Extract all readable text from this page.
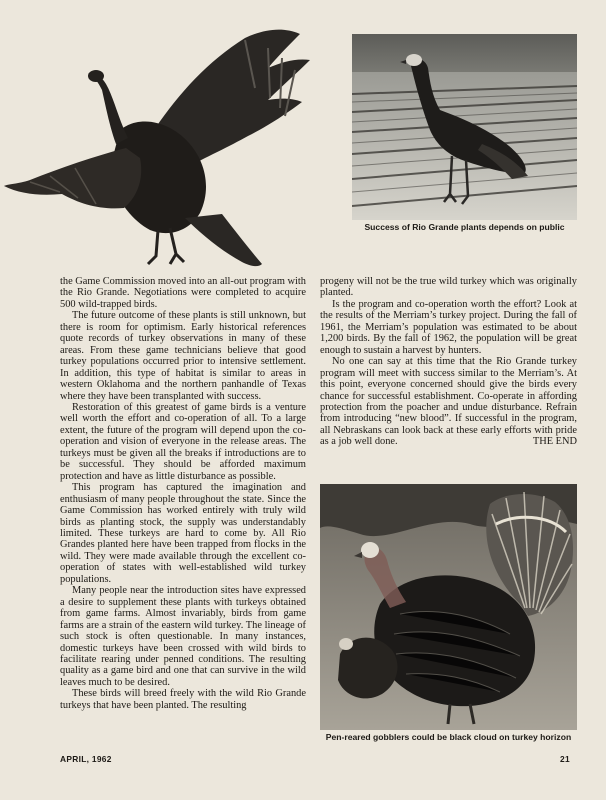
Success of Rio Grande plants depends on public

the Game Commission moved into an all-out program with the Rio Grande. Negotiations were completed to acquire 500 wild-trapped birds.

The future outcome of these plants is still unknown, but there is room for optimism. Early historical references quote records of turkey observations in many of these areas. From these game technicians believe that good turkey populations occurred prior to intensive settlement. In addition, this type of habitat is similar to areas in western Oklahoma and the northern panhandle of Texas where they have been transplanted with success.

Restoration of this greatest of game birds is a venture well worth the effort and co-operation of all. To a large extent, the future of the program will depend upon the co-operation and vision of everyone in the release areas. The turkeys must be given all the breaks if introductions are to be successful. They should be afforded maximum protection and have as little disturbance as possible.

This program has captured the imagination and enthusiasm of many people throughout the state. Since the Game Commission has worked entirely with truly wild birds as planting stock, the supply was understandably limited. These turkeys are hard to come by. All Rio Grandes planted here have been trapped from flocks in the wild. They were made available through the excellent co-operation of states with well-established wild turkey populations.

Many people near the introduction sites have expressed a desire to supplement these plants with turkeys obtained from game farms. Almost invariably, birds from game farms are a strain of the eastern wild turkey. The lineage of such stock is often questionable. In many instances, domestic turkeys have been crossed with wild birds to facilitate rearing under penned conditions. The resulting quality as a game bird and one that can survive in the wild leaves much to be desired.

These birds will breed freely with the wild Rio Grande turkeys that have been planted. The resulting

progeny will not be the true wild turkey which was originally planted.

Is the program and co-operation worth the effort? Look at the results of the Merriam’s turkey project. During the fall of 1961, the Merriam’s population was estimated to be about 1,200 birds. By the fall of 1962, the population will be great enough to sustain a harvest by hunters.

No one can say at this time that the Rio Grande turkey program will meet with success similar to the Merriam’s. At this point, everyone concerned should give the birds every chance for successful establishment. Co-operate in affording protection from the poacher and undue disturbance. Refrain from introducing “new blood”. If successful in the program, all Nebraskans can look back at these early efforts with pride as a job well done.	THE END

Pen-reared gobblers could be black cloud on turkey horizon
APRIL, 1962	21
